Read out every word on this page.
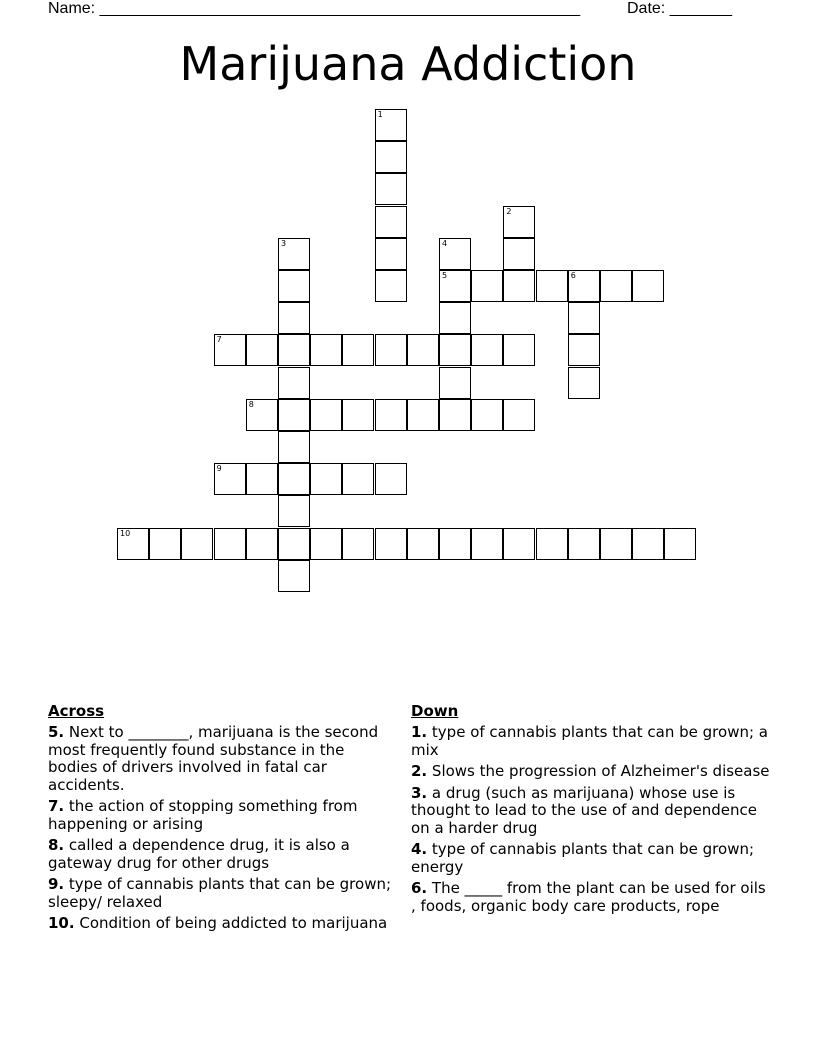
Name: ______________________________________________________	Date: _______
Marijuana Addiction
1
2
3	4
5	6
7
8
9
10
Across
5. Next to ________, marijuana is the second most frequently found substance in the bodies of drivers involved in fatal car accidents.
7. the action of stopping something from happening or arising
8. called a dependence drug, it is also a gateway drug for other drugs
9. type of cannabis plants that can be grown; sleepy/ relaxed
10. Condition of being addicted to marijuana
Down
1. type of cannabis plants that can be grown; a mix
2. Slows the progression of Alzheimer's disease
3. a drug (such as marijuana) whose use is thought to lead to the use of and dependence on a harder drug
4. type of cannabis plants that can be grown; energy
6. The _____ from the plant can be used for oils , foods, organic body care products, rope
